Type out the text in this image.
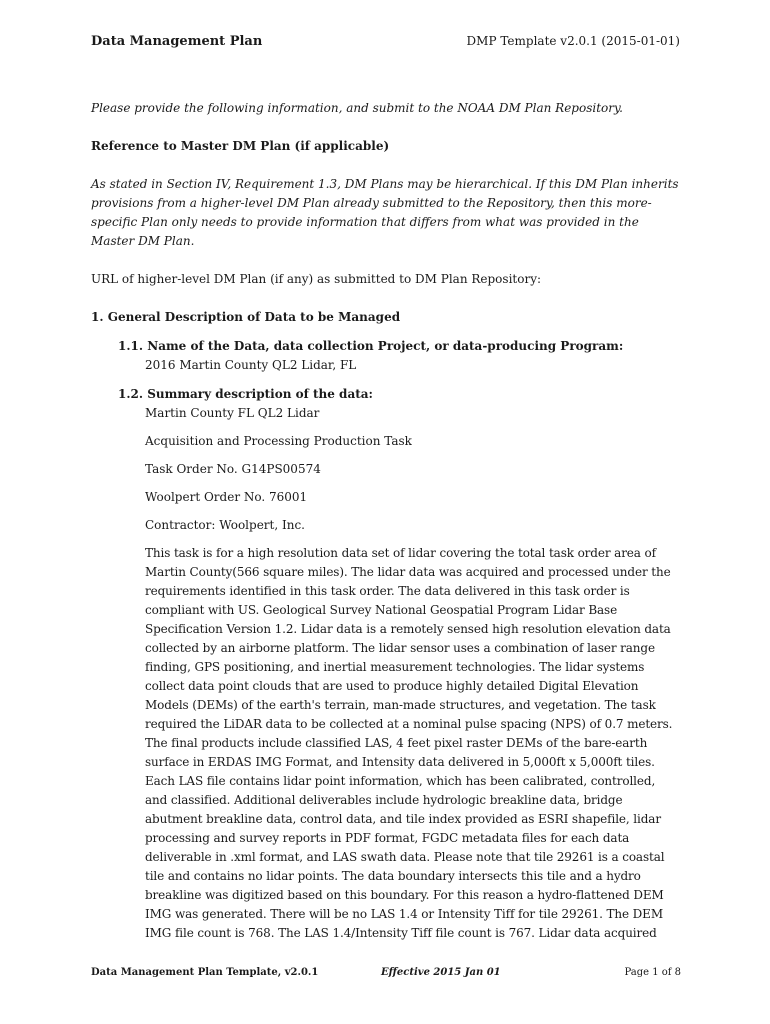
Data Management Plan	DMP Template v2.0.1 (2015-01-01)

Please provide the following information, and submit to the NOAA DM Plan Repository.

Reference to Master DM Plan (if applicable)

As stated in Section IV, Requirement 1.3, DM Plans may be hierarchical. If this DM Plan inherits provisions from a higher-level DM Plan already submitted to the Repository, then this more-specific Plan only needs to provide information that differs from what was provided in the Master DM Plan.

URL of higher-level DM Plan (if any) as submitted to DM Plan Repository:

1. General Description of Data to be Managed

1.1. Name of the Data, data collection Project, or data-producing Program:

2016 Martin County QL2 Lidar, FL

1.2. Summary description of the data:

Martin County FL QL2 Lidar

Acquisition and Processing Production Task

Task Order No. G14PS00574

Woolpert Order No. 76001

Contractor: Woolpert, Inc.

This task is for a high resolution data set of lidar covering the total task order area of Martin County(566 square miles). The lidar data was acquired and processed under the requirements identified in this task order. The data delivered in this task order is compliant with US. Geological Survey National Geospatial Program Lidar Base Specification Version 1.2. Lidar data is a remotely sensed high resolution elevation data collected by an airborne platform. The lidar sensor uses a combination of laser range finding, GPS positioning, and inertial measurement technologies. The lidar systems collect data point clouds that are used to produce highly detailed Digital Elevation Models (DEMs) of the earth's terrain, man-made structures, and vegetation. The task required the LiDAR data to be collected at a nominal pulse spacing (NPS) of 0.7 meters. The final products include classified LAS, 4 feet pixel raster DEMs of the bare-earth surface in ERDAS IMG Format, and Intensity data delivered in 5,000ft x 5,000ft tiles. Each LAS file contains lidar point information, which has been calibrated, controlled, and classified. Additional deliverables include hydrologic breakline data, bridge abutment breakline data, control data, and tile index provided as ESRI shapefile, lidar processing and survey reports in PDF format, FGDC metadata files for each data deliverable in .xml format, and LAS swath data. Please note that tile 29261 is a coastal tile and contains no lidar points. The data boundary intersects this tile and a hydro breakline was digitized based on this boundary. For this reason a hydro-flattened DEM IMG was generated. There will be no LAS 1.4 or Intensity Tiff for tile 29261. The DEM IMG file count is 768. The LAS 1.4/Intensity Tiff file count is 767. Lidar data acquired

Data Management Plan Template, v2.0.1	Effective 2015 Jan 01	Page 1 of 8
